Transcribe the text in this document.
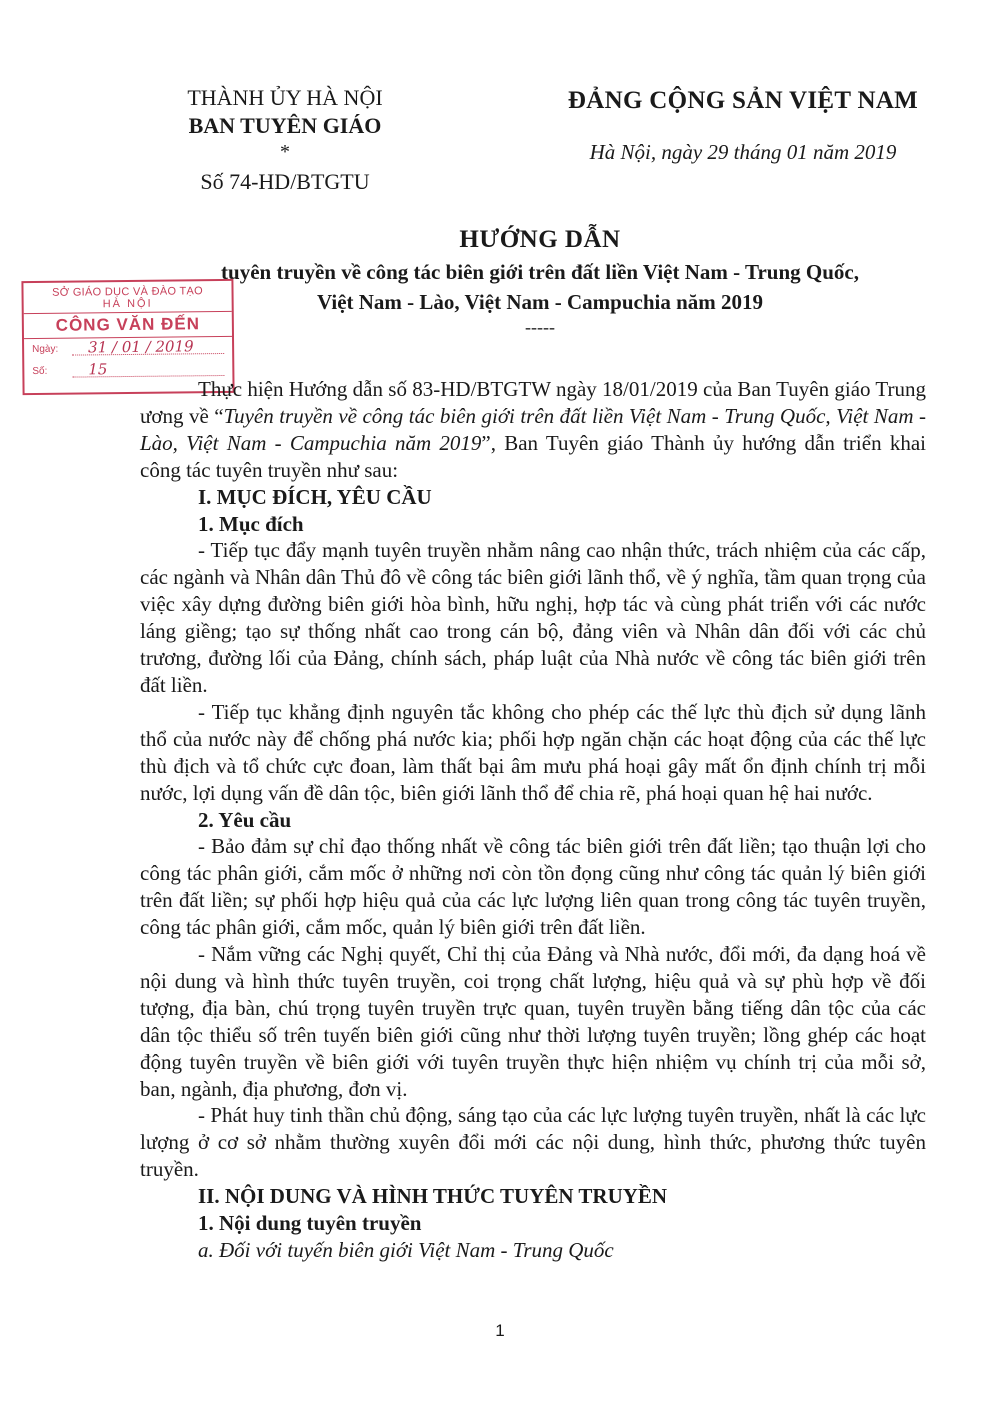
THÀNH ỦY HÀ NỘI
BAN TUYÊN GIÁO
*
Số 74-HD/BTGTU
ĐẢNG CỘNG SẢN VIỆT NAM
Hà Nội, ngày 29 tháng 01 năm 2019
HƯỚNG DẪN
tuyên truyền về công tác biên giới trên đất liền Việt Nam - Trung Quốc,
Việt Nam - Lào, Việt Nam - Campuchia năm 2019
-----
SỞ GIÁO DỤC VÀ ĐÀO TẠO
HÀ NỘI
CÔNG VĂN ĐẾN
Ngày: 31 / 01 / 2019
Số:	15

Thực hiện Hướng dẫn số 83-HD/BTGTW ngày 18/01/2019 của Ban Tuyên giáo Trung ương về “Tuyên truyền về công tác biên giới trên đất liền Việt Nam - Trung Quốc, Việt Nam - Lào, Việt Nam - Campuchia năm 2019”, Ban Tuyên giáo Thành ủy hướng dẫn triển khai công tác tuyên truyền như sau:

I. MỤC ĐÍCH, YÊU CẦU

1. Mục đích

- Tiếp tục đẩy mạnh tuyên truyền nhằm nâng cao nhận thức, trách nhiệm của các cấp, các ngành và Nhân dân Thủ đô về công tác biên giới lãnh thổ, về ý nghĩa, tầm quan trọng của việc xây dựng đường biên giới hòa bình, hữu nghị, hợp tác và cùng phát triển với các nước láng giềng; tạo sự thống nhất cao trong cán bộ, đảng viên và Nhân dân đối với các chủ trương, đường lối của Đảng, chính sách, pháp luật của Nhà nước về công tác biên giới trên đất liền.

- Tiếp tục khẳng định nguyên tắc không cho phép các thế lực thù địch sử dụng lãnh thổ của nước này để chống phá nước kia; phối hợp ngăn chặn các hoạt động của các thế lực thù địch và tổ chức cực đoan, làm thất bại âm mưu phá hoại gây mất ổn định chính trị mỗi nước, lợi dụng vấn đề dân tộc, biên giới lãnh thổ để chia rẽ, phá hoại quan hệ hai nước.

2. Yêu cầu

- Bảo đảm sự chỉ đạo thống nhất về công tác biên giới trên đất liền; tạo thuận lợi cho công tác phân giới, cắm mốc ở những nơi còn tồn đọng cũng như công tác quản lý biên giới trên đất liền; sự phối hợp hiệu quả của các lực lượng liên quan trong công tác tuyên truyền, công tác phân giới, cắm mốc, quản lý biên giới trên đất liền.

- Nắm vững các Nghị quyết, Chỉ thị của Đảng và Nhà nước, đổi mới, đa dạng hoá về nội dung và hình thức tuyên truyền, coi trọng chất lượng, hiệu quả và sự phù hợp về đối tượng, địa bàn, chú trọng tuyên truyền trực quan, tuyên truyền bằng tiếng dân tộc của các dân tộc thiểu số trên tuyến biên giới cũng như thời lượng tuyên truyền; lồng ghép các hoạt động tuyên truyền về biên giới với tuyên truyền thực hiện nhiệm vụ chính trị của mỗi sở, ban, ngành, địa phương, đơn vị.

- Phát huy tinh thần chủ động, sáng tạo của các lực lượng tuyên truyền, nhất là các lực lượng ở cơ sở nhằm thường xuyên đổi mới các nội dung, hình thức, phương thức tuyên truyền.

II. NỘI DUNG VÀ HÌNH THỨC TUYÊN TRUYỀN

1. Nội dung tuyên truyền

a. Đối với tuyến biên giới Việt Nam - Trung Quốc

1
